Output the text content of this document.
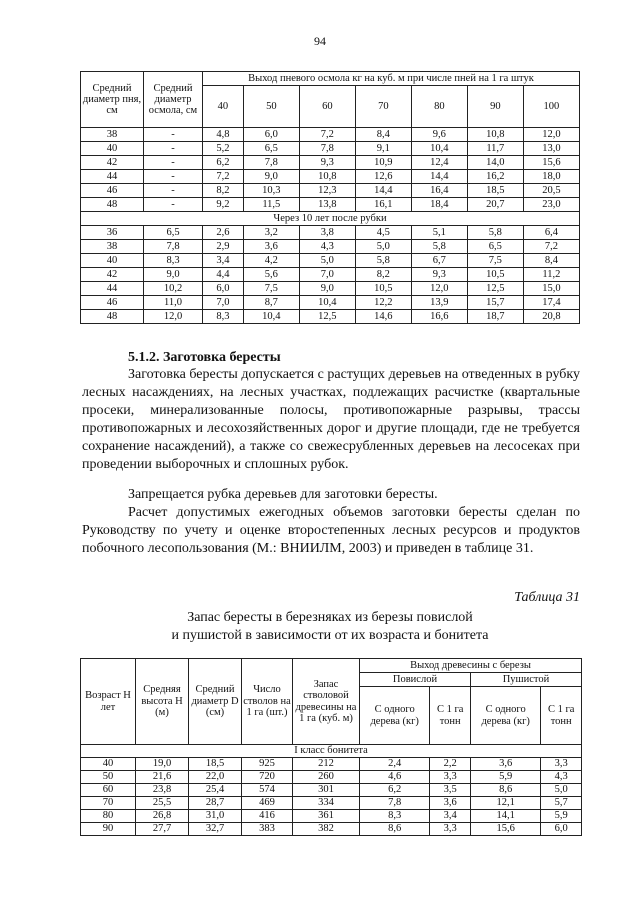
94
Средний диаметр пня, см	Средний диаметр осмола, см	Выход пневого осмола кг на куб. м при числе пней на 1 га штук						
		40	50	60	70	80	90	100
38	-	4,8	6,0	7,2	8,4	9,6	10,8	12,0
40	-	5,2	6,5	7,8	9,1	10,4	11,7	13,0
42	-	6,2	7,8	9,3	10,9	12,4	14,0	15,6
44	-	7,2	9,0	10,8	12,6	14,4	16,2	18,0
46	-	8,2	10,3	12,3	14,4	16,4	18,5	20,5
48	-	9,2	11,5	13,8	16,1	18,4	20,7	23,0
Через 10 лет после рубки								
36	6,5	2,6	3,2	3,8	4,5	5,1	5,8	6,4
38	7,8	2,9	3,6	4,3	5,0	5,8	6,5	7,2
40	8,3	3,4	4,2	5,0	5,8	6,7	7,5	8,4
42	9,0	4,4	5,6	7,0	8,2	9,3	10,5	11,2
44	10,2	6,0	7,5	9,0	10,5	12,0	12,5	15,0
46	11,0	7,0	8,7	10,4	12,2	13,9	15,7	17,4
48	12,0	8,3	10,4	12,5	14,6	16,6	18,7	20,8
5.1.2. Заготовка бересты

Заготовка бересты допускается с растущих деревьев на отведенных в рубку лесных насаждениях, на лесных участках, подлежащих расчистке (квартальные просеки, минерализованные полосы, противопожарные разрывы, трассы противопожарных и лесохозяйственных дорог и другие площади, где не требуется сохранение насаждений), а также со свежесрубленных деревьев на лесосеках при проведении выборочных и сплошных рубок.

Запрещается рубка деревьев для заготовки бересты.

Расчет допустимых ежегодных объемов заготовки бересты сделан по Руководству по учету и оценке второстепенных лесных ресурсов и продуктов побочного лесопользования (М.: ВНИИЛМ, 2003) и приведен в таблице 31.

Таблица 31
Запас бересты в березняках из березы повислой
и пушистой в зависимости от их возраста и бонитета
Возраст Н лет	Средняя высота Н (м)	Средний диаметр D (см)	Число стволов на 1 га (шт.)	Запас стволовой древесины на 1 га (куб. м)	Выход древесины с березы			
					Повислой		Пушистой	
					С одного дерева (кг)	С 1 га тонн	С одного дерева (кг)	С 1 га тонн
I класс бонитета								
40	19,0	18,5	925	212	2,4	2,2	3,6	3,3
50	21,6	22,0	720	260	4,6	3,3	5,9	4,3
60	23,8	25,4	574	301	6,2	3,5	8,6	5,0
70	25,5	28,7	469	334	7,8	3,6	12,1	5,7
80	26,8	31,0	416	361	8,3	3,4	14,1	5,9
90	27,7	32,7	383	382	8,6	3,3	15,6	6,0
